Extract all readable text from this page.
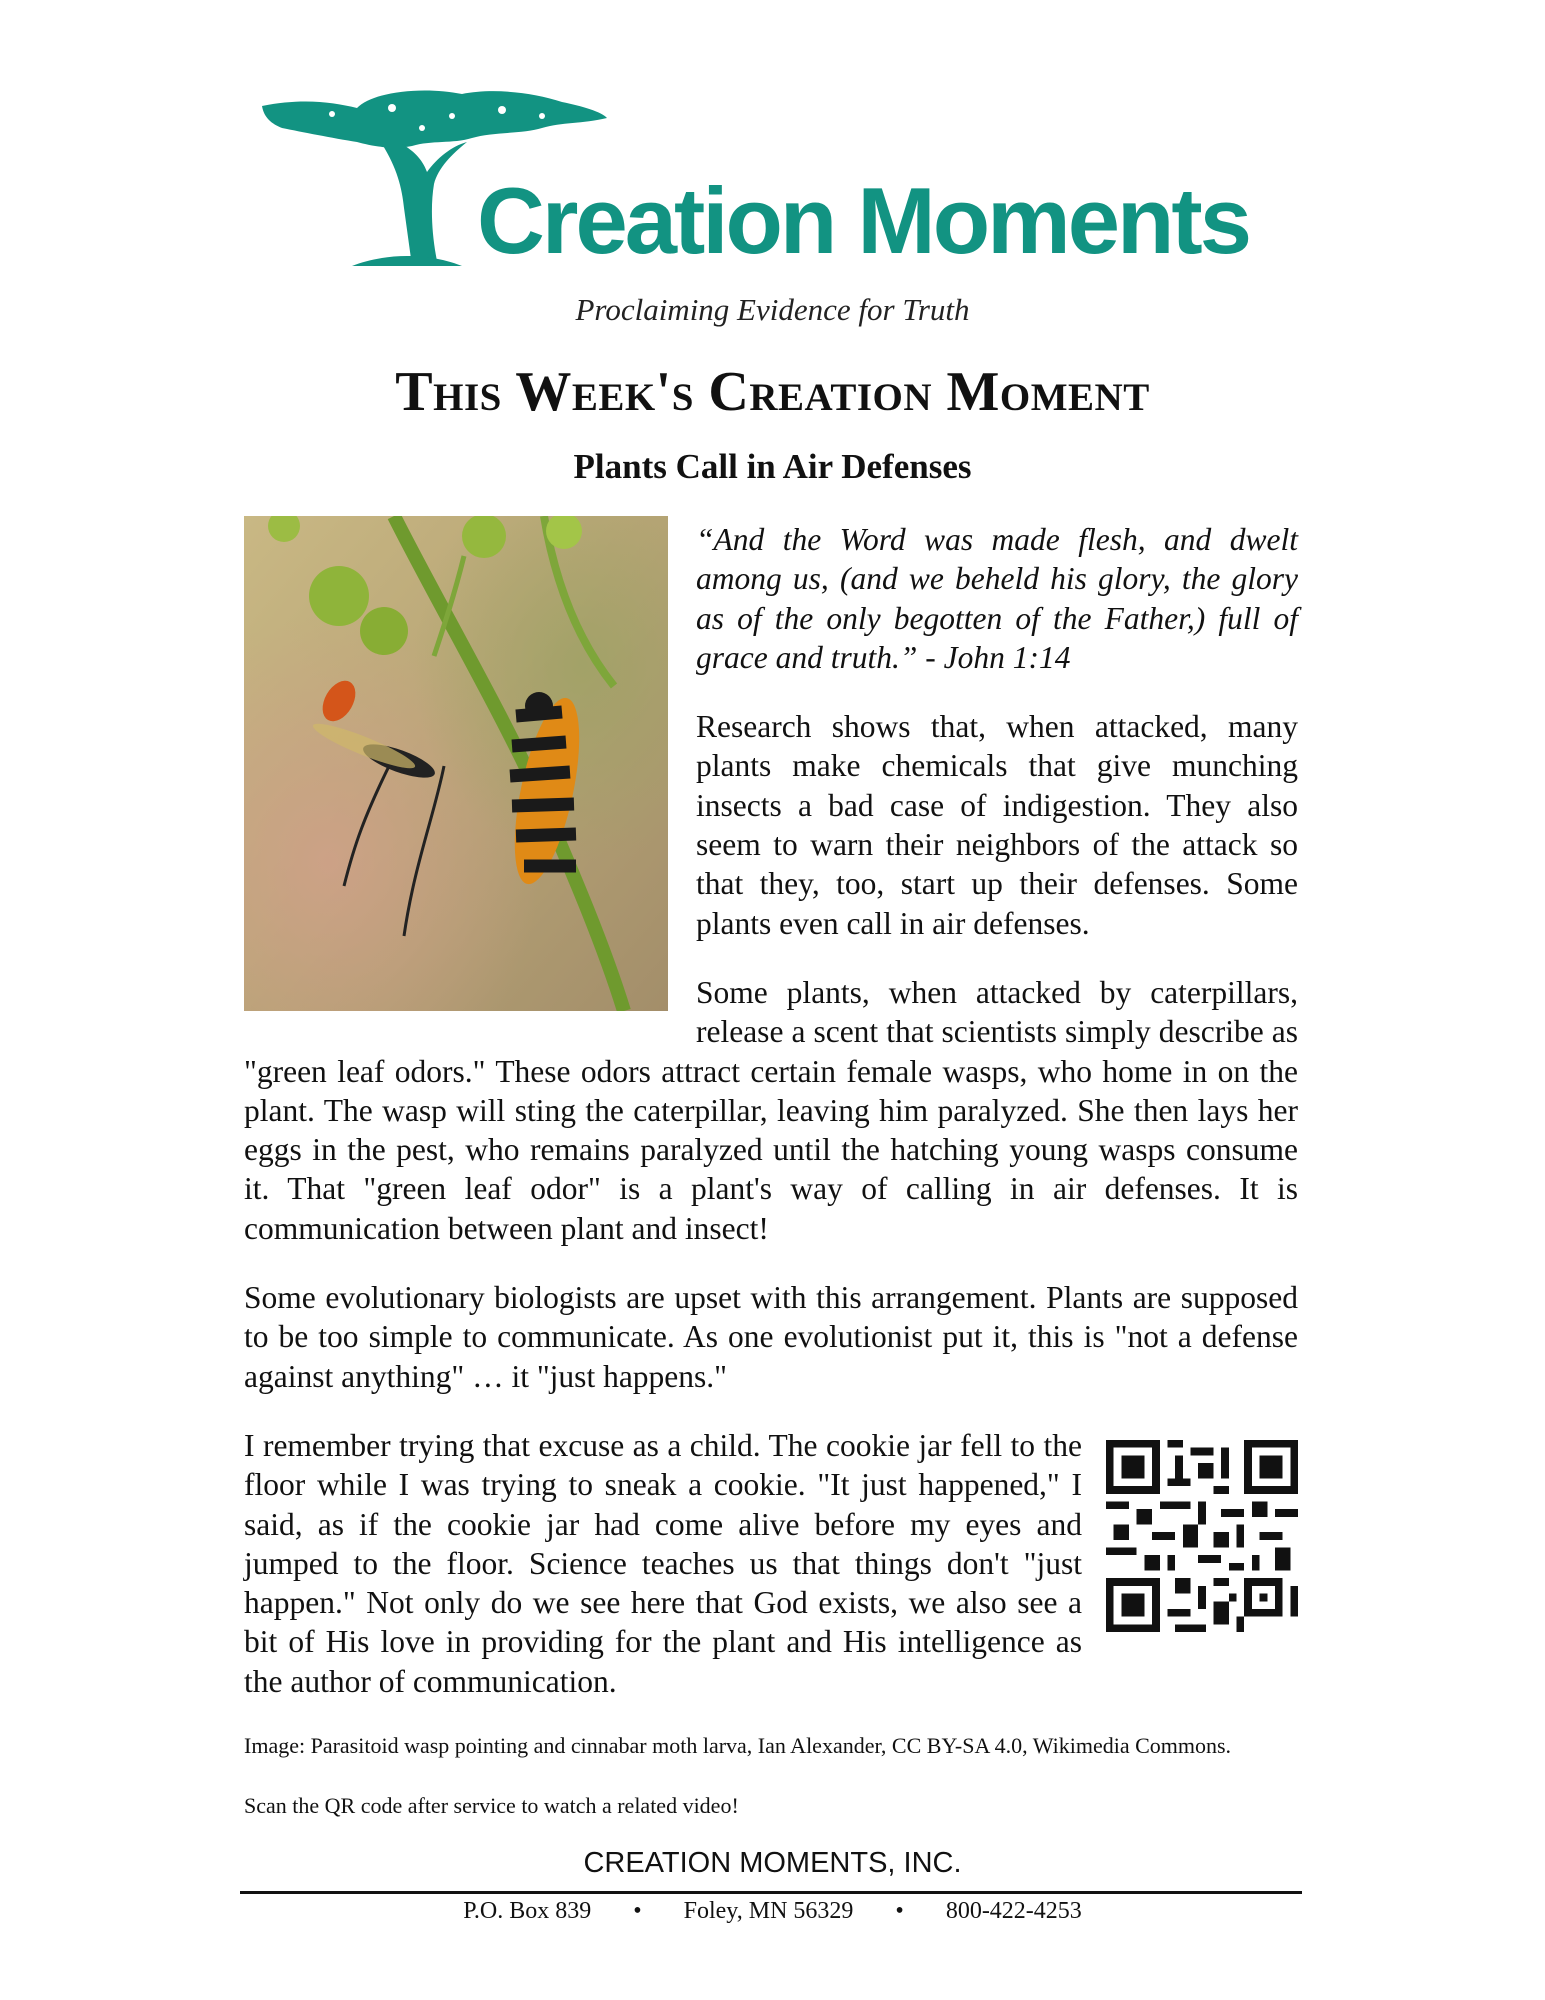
Creation Moments
Proclaiming Evidence for Truth
This Week's Creation Moment
Plants Call in Air Defenses

“And the Word was made flesh, and dwelt among us, (and we beheld his glory, the glory as of the only begotten of the Father,) full of grace and truth.” - John 1:14

Research shows that, when attacked, many plants make chemicals that give munching insects a bad case of indigestion. They also seem to warn their neighbors of the attack so that they, too, start up their defenses. Some plants even call in air defenses.

Some plants, when attacked by caterpillars, release a scent that scientists simply describe as "green leaf odors." These odors attract certain female wasps, who home in on the plant. The wasp will sting the caterpillar, leaving him paralyzed. She then lays her eggs in the pest, who remains paralyzed until the hatching young wasps consume it. That "green leaf odor" is a plant's way of calling in air defenses. It is communication between plant and insect!

Some evolutionary biologists are upset with this arrangement. Plants are supposed to be too simple to communicate. As one evolutionist put it, this is "not a defense against anything" … it "just happens."

I remember trying that excuse as a child. The cookie jar fell to the floor while I was trying to sneak a cookie. "It just happened," I said, as if the cookie jar had come alive before my eyes and jumped to the floor. Science teaches us that things don't "just happen." Not only do we see here that God exists, we also see a bit of His love in providing for the plant and His intelligence as the author of communication.

Image: Parasitoid wasp pointing and cinnabar moth larva, Ian Alexander, CC BY-SA 4.0, Wikimedia Commons.

Scan the QR code after service to watch a related video!

CREATION MOMENTS, INC.
P.O. Box 839 • Foley, MN 56329 • 800-422-4253
